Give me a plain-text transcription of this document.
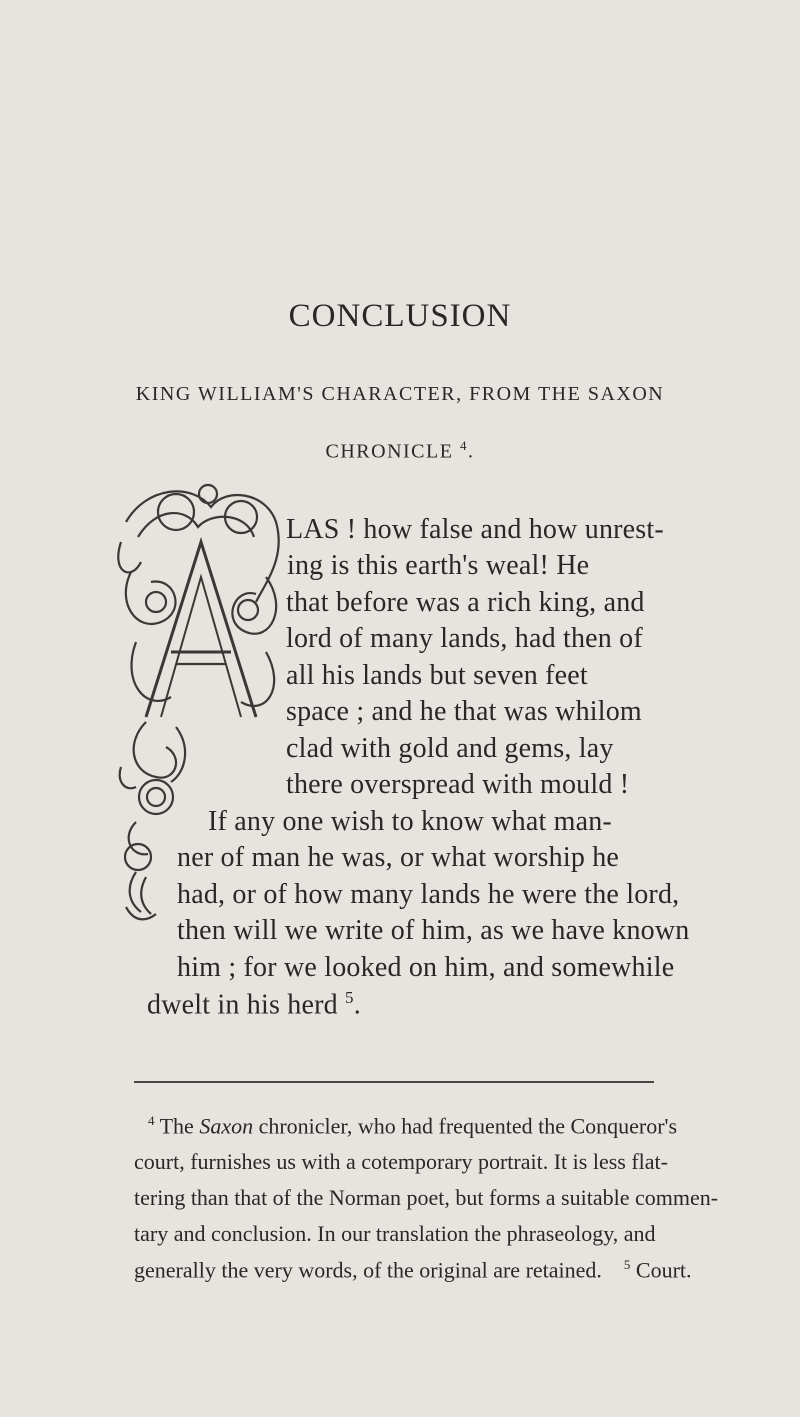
CONCLUSION
KING WILLIAM'S CHARACTER, FROM THE SAXON
CHRONICLE $^4$.
LAS ! how false and how unrest-
ing is this earth's weal! He
that before was a rich king, and
lord of many lands, had then of
all his lands but seven feet
space ; and he that was whilom
clad with gold and gems, lay
there overspread with mould !
If any one wish to know what man-
ner of man he was, or what worship he
had, or of how many lands he were the lord,
then will we write of him, as we have known
him ; for we looked on him, and somewhile
dwelt in his herd $^5$.
$^4$ The Saxon chronicler, who had frequented the Conqueror's
court, furnishes us with a cotemporary portrait. It is less flat-
tering than that of the Norman poet, but forms a suitable commen-
tary and conclusion. In our translation the phraseology, and
generally the very words, of the original are retained. $^5$ Court.
